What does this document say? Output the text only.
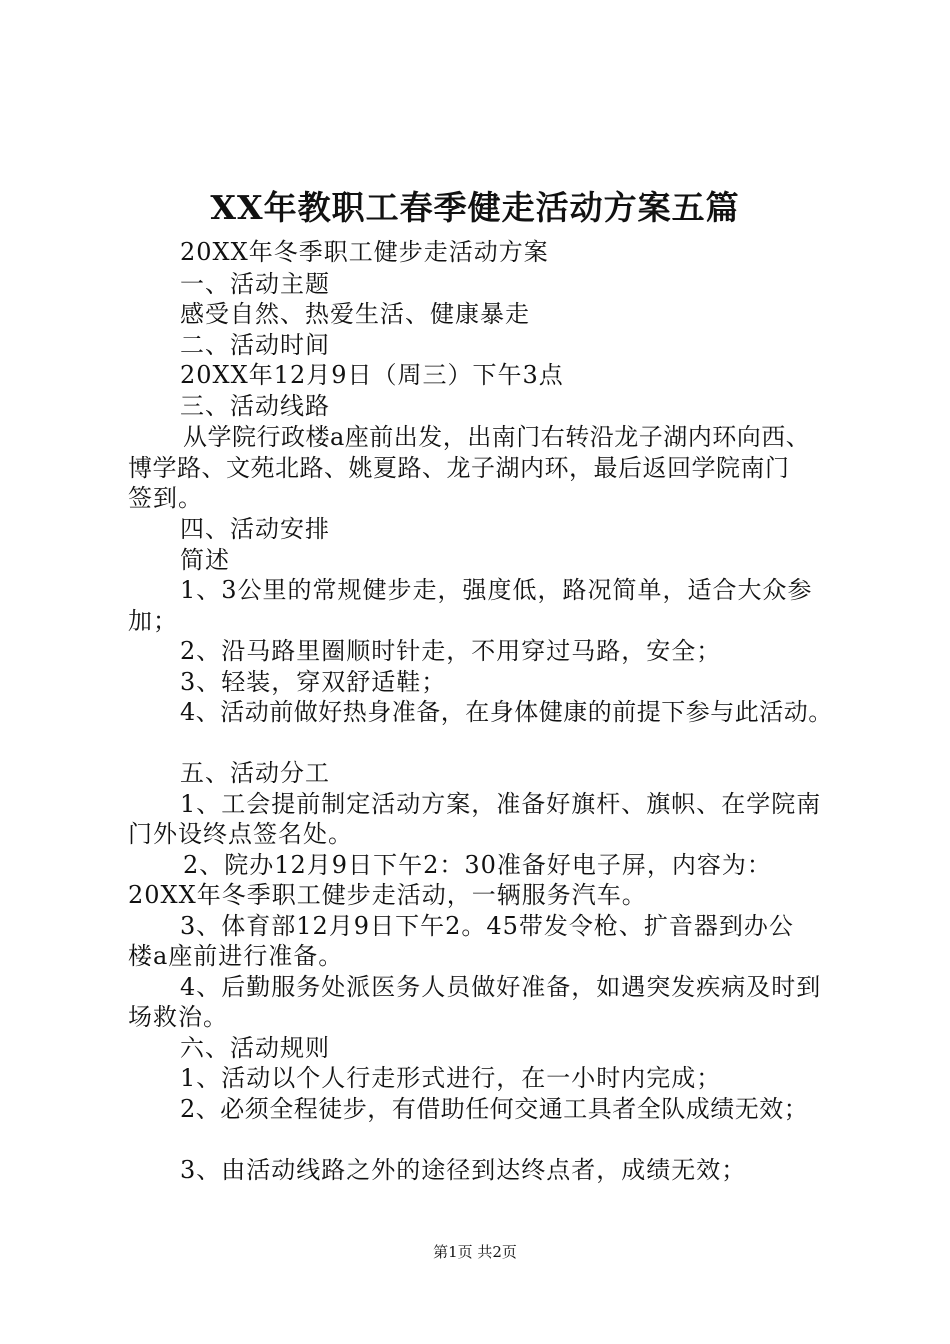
XX年教职工春季健走活动方案五篇
20XX年冬季职工健步走活动方案
一、活动主题
感受自然、热爱生活、健康暴走
二、活动时间
20XX年12月9日（周三）下午3点
三、活动线路
从学院行政楼a座前出发，出南门右转沿龙子湖内环向西、
博学路、文苑北路、姚夏路、龙子湖内环，最后返回学院南门
签到。
四、活动安排
简述
1、3公里的常规健步走，强度低，路况简单，适合大众参
加；
2、沿马路里圈顺时针走，不用穿过马路，安全；
3、轻装，穿双舒适鞋；
4、活动前做好热身准备，在身体健康的前提下参与此活动。
五、活动分工
1、工会提前制定活动方案，准备好旗杆、旗帜、在学院南
门外设终点签名处。
2、院办12月9日下午2：30准备好电子屏，内容为：
20XX年冬季职工健步走活动，一辆服务汽车。
3、体育部12月9日下午2。45带发令枪、扩音器到办公
楼a座前进行准备。
4、后勤服务处派医务人员做好准备，如遇突发疾病及时到
场救治。
六、活动规则
1、活动以个人行走形式进行，在一小时内完成；
2、必须全程徒步，有借助任何交通工具者全队成绩无效；
3、由活动线路之外的途径到达终点者，成绩无效；
第1页 共2页
